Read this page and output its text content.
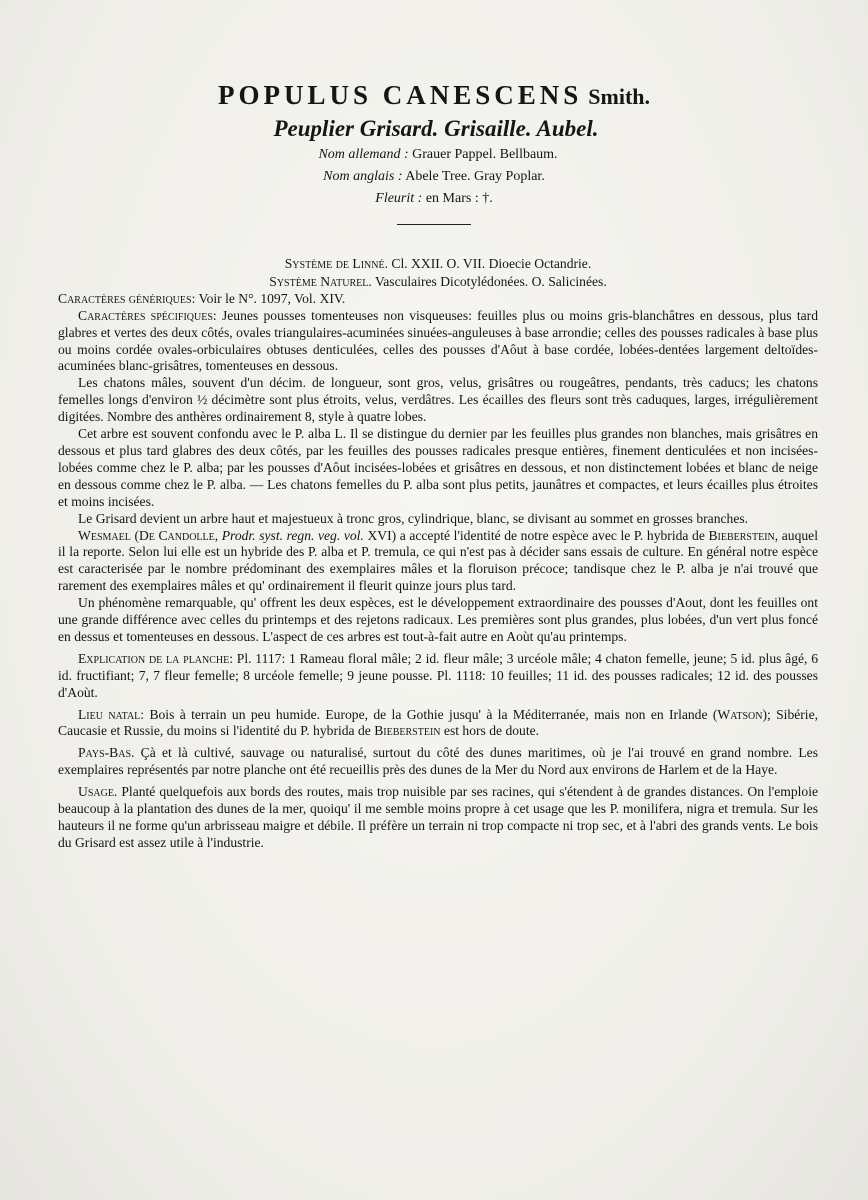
POPULUS CANESCENS Smith.

Peuplier Grisard. Grisaille. Aubel.

Nom allemand : Grauer Pappel. Bellbaum.

Nom anglais : Abele Tree. Gray Poplar.

Fleurit : en Mars : †.

Système de Linné. Cl. XXII. O. VII. Dioecie Octandrie.

Système Naturel. Vasculaires Dicotylédonées. O. Salicinées.

Caractères génériques: Voir le N°. 1097, Vol. XIV.

Caractères spécifiques: Jeunes pousses tomenteuses non visqueuses: feuilles plus ou moins gris-blanchâtres en dessous, plus tard glabres et vertes des deux côtés, ovales triangulaires-acuminées sinuées-anguleuses à base arrondie; celles des pousses radicales à base plus ou moins cordée ovales-orbiculaires obtuses denticulées, celles des pousses d'Aôut à base cordée, lobées-dentées largement deltoïdes-acuminées blanc-grisâtres, tomenteuses en dessous.

Les chatons mâles, souvent d'un décim. de longueur, sont gros, velus, grisâtres ou rougeâtres, pendants, très caducs; les chatons femelles longs d'environ ½ décimètre sont plus étroits, velus, verdâtres. Les écailles des fleurs sont très caduques, larges, irrégulièrement digitées. Nombre des anthères ordinairement 8, style à quatre lobes.

Cet arbre est souvent confondu avec le P. alba L. Il se distingue du dernier par les feuilles plus grandes non blanches, mais grisâtres en dessous et plus tard glabres des deux côtés, par les feuilles des pousses radicales presque entières, finement denticulées et non incisées-lobées comme chez le P. alba; par les pousses d'Aôut incisées-lobées et grisâtres en dessous, et non distinctement lobées et blanc de neige en dessous comme chez le P. alba. — Les chatons femelles du P. alba sont plus petits, jaunâtres et compactes, et leurs écailles plus étroites et moins incisées.

Le Grisard devient un arbre haut et majestueux à tronc gros, cylindrique, blanc, se divisant au sommet en grosses branches.

Wesmael (De Candolle, Prodr. syst. regn. veg. vol. XVI) a accepté l'identité de notre espèce avec le P. hybrida de Bieberstein, auquel il la reporte. Selon lui elle est un hybride des P. alba et P. tremula, ce qui n'est pas à décider sans essais de culture. En général notre espèce est caracterisée par le nombre prédominant des exemplaires mâles et la floruison précoce; tandisque chez le P. alba je n'ai trouvé que rarement des exemplaires mâles et qu' ordinairement il fleurit quinze jours plus tard.

Un phénomène remarquable, qu' offrent les deux espèces, est le développement extraordinaire des pousses d'Aout, dont les feuilles ont une grande différence avec celles du printemps et des rejetons radicaux. Les premières sont plus grandes, plus lobées, d'un vert plus foncé en dessus et tomenteuses en dessous. L'aspect de ces arbres est tout-à-fait autre en Aoùt qu'au printemps.

Explication de la planche: Pl. 1117: 1 Rameau floral mâle; 2 id. fleur mâle; 3 urcéole mâle; 4 chaton femelle, jeune; 5 id. plus âgé, 6 id. fructifiant; 7, 7 fleur femelle; 8 urcéole femelle; 9 jeune pousse. Pl. 1118: 10 feuilles; 11 id. des pousses radicales; 12 id. des pousses d'Aoùt.

Lieu natal: Bois à terrain un peu humide. Europe, de la Gothie jusqu' à la Méditerranée, mais non en Irlande (Watson); Sibérie, Caucasie et Russie, du moins si l'identité du P. hybrida de Bieberstein est hors de doute.

Pays-Bas. Çà et là cultivé, sauvage ou naturalisé, surtout du côté des dunes maritimes, où je l'ai trouvé en grand nombre. Les exemplaires représentés par notre planche ont été recueillis près des dunes de la Mer du Nord aux environs de Harlem et de la Haye.

Usage. Planté quelquefois aux bords des routes, mais trop nuisible par ses racines, qui s'étendent à de grandes distances. On l'emploie beaucoup à la plantation des dunes de la mer, quoiqu' il me semble moins propre à cet usage que les P. monilifera, nigra et tremula. Sur les hauteurs il ne forme qu'un arbrisseau maigre et débile. Il préfère un terrain ni trop compacte ni trop sec, et à l'abri des grands vents. Le bois du Grisard est assez utile à l'industrie.
